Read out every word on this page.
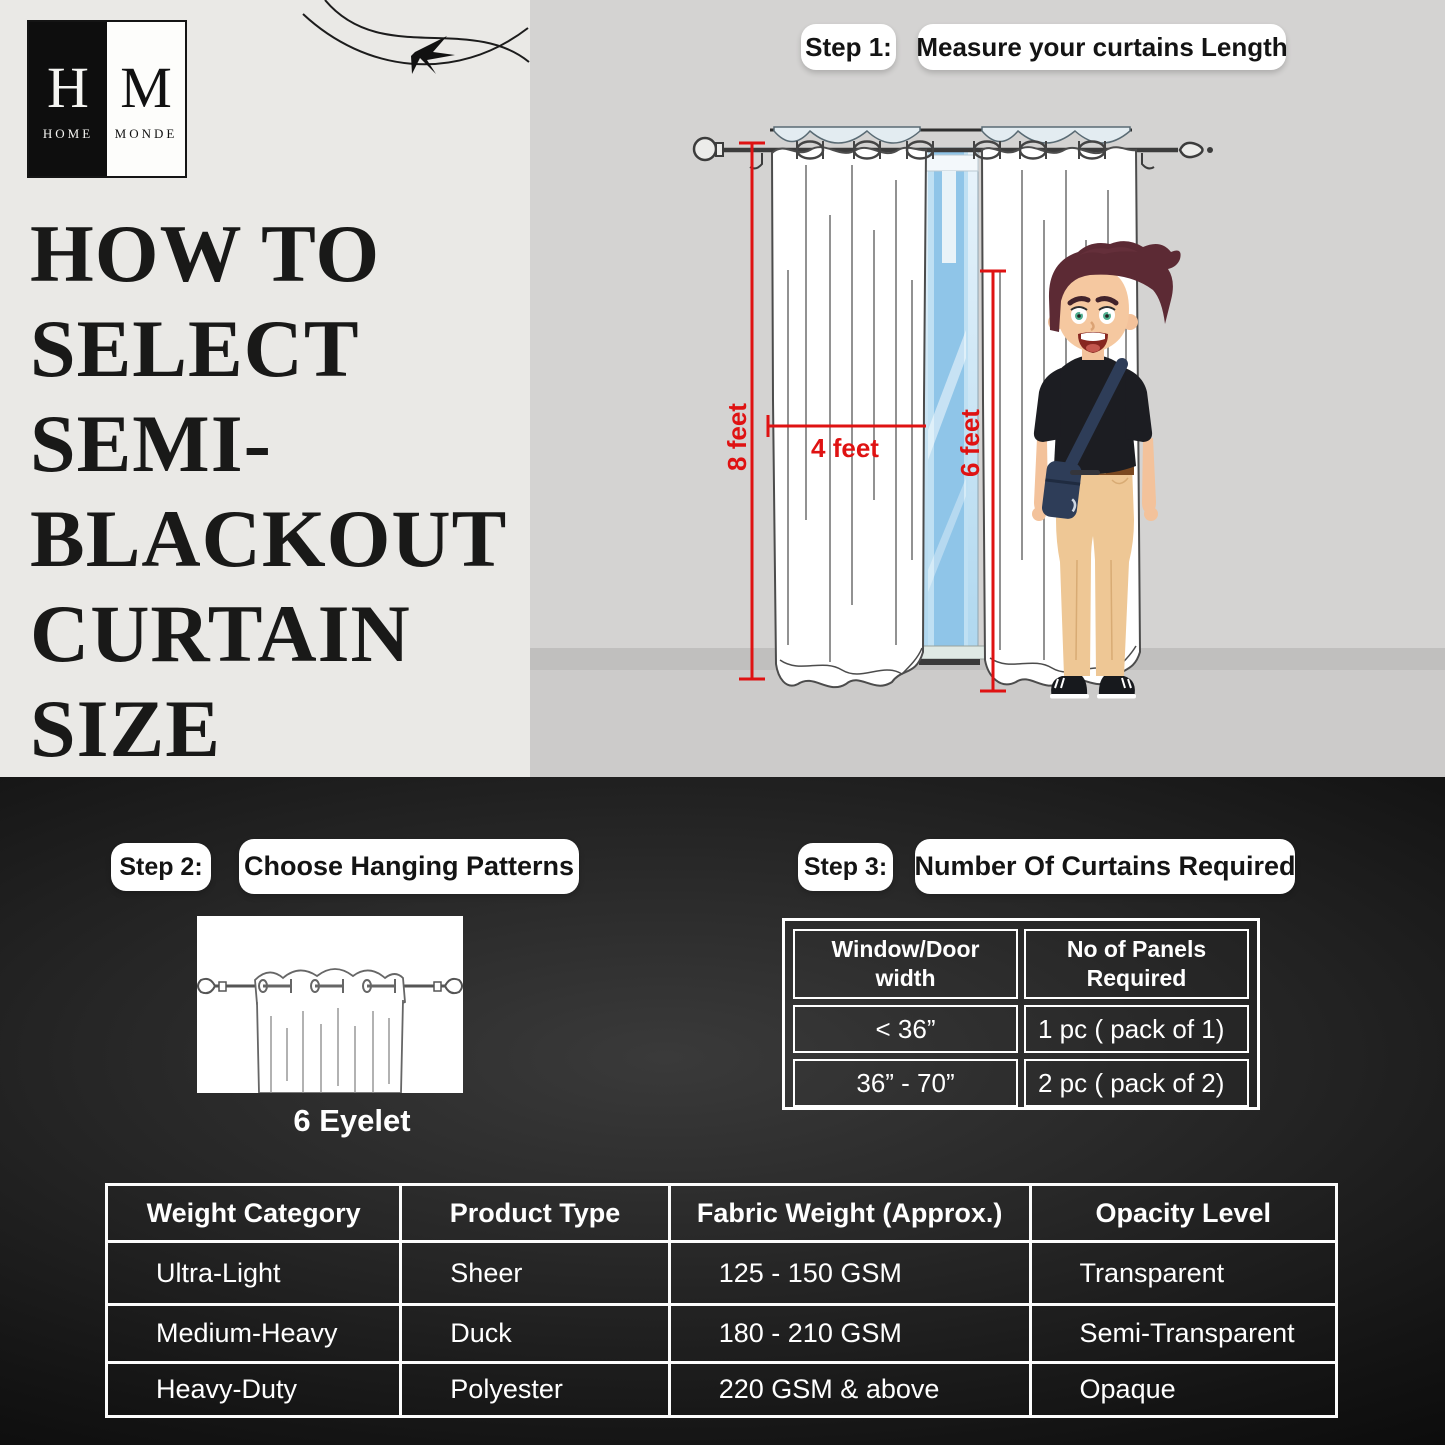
H
HOME
M
MONDE
HOW TO
SELECT
SEMI-
BLACKOUT
CURTAIN
SIZE
Step 1: Measure your curtains Length
8 feet 4 feet	6 feet
Step 2: Choose Hanging Patterns	Step 3: Number Of Curtains Required
6 Eyelet
Window/Door width	No of Panels Required
< 36”	1 pc ( pack of 1)
36” - 70”	2 pc ( pack of 2)
Weight Category	Product Type	Fabric Weight (Approx.)	Opacity Level
Ultra-Light	Sheer	125 - 150 GSM	Transparent
Medium-Heavy	Duck	180 - 210 GSM	Semi-Transparent
Heavy-Duty	Polyester	220 GSM & above	Opaque
